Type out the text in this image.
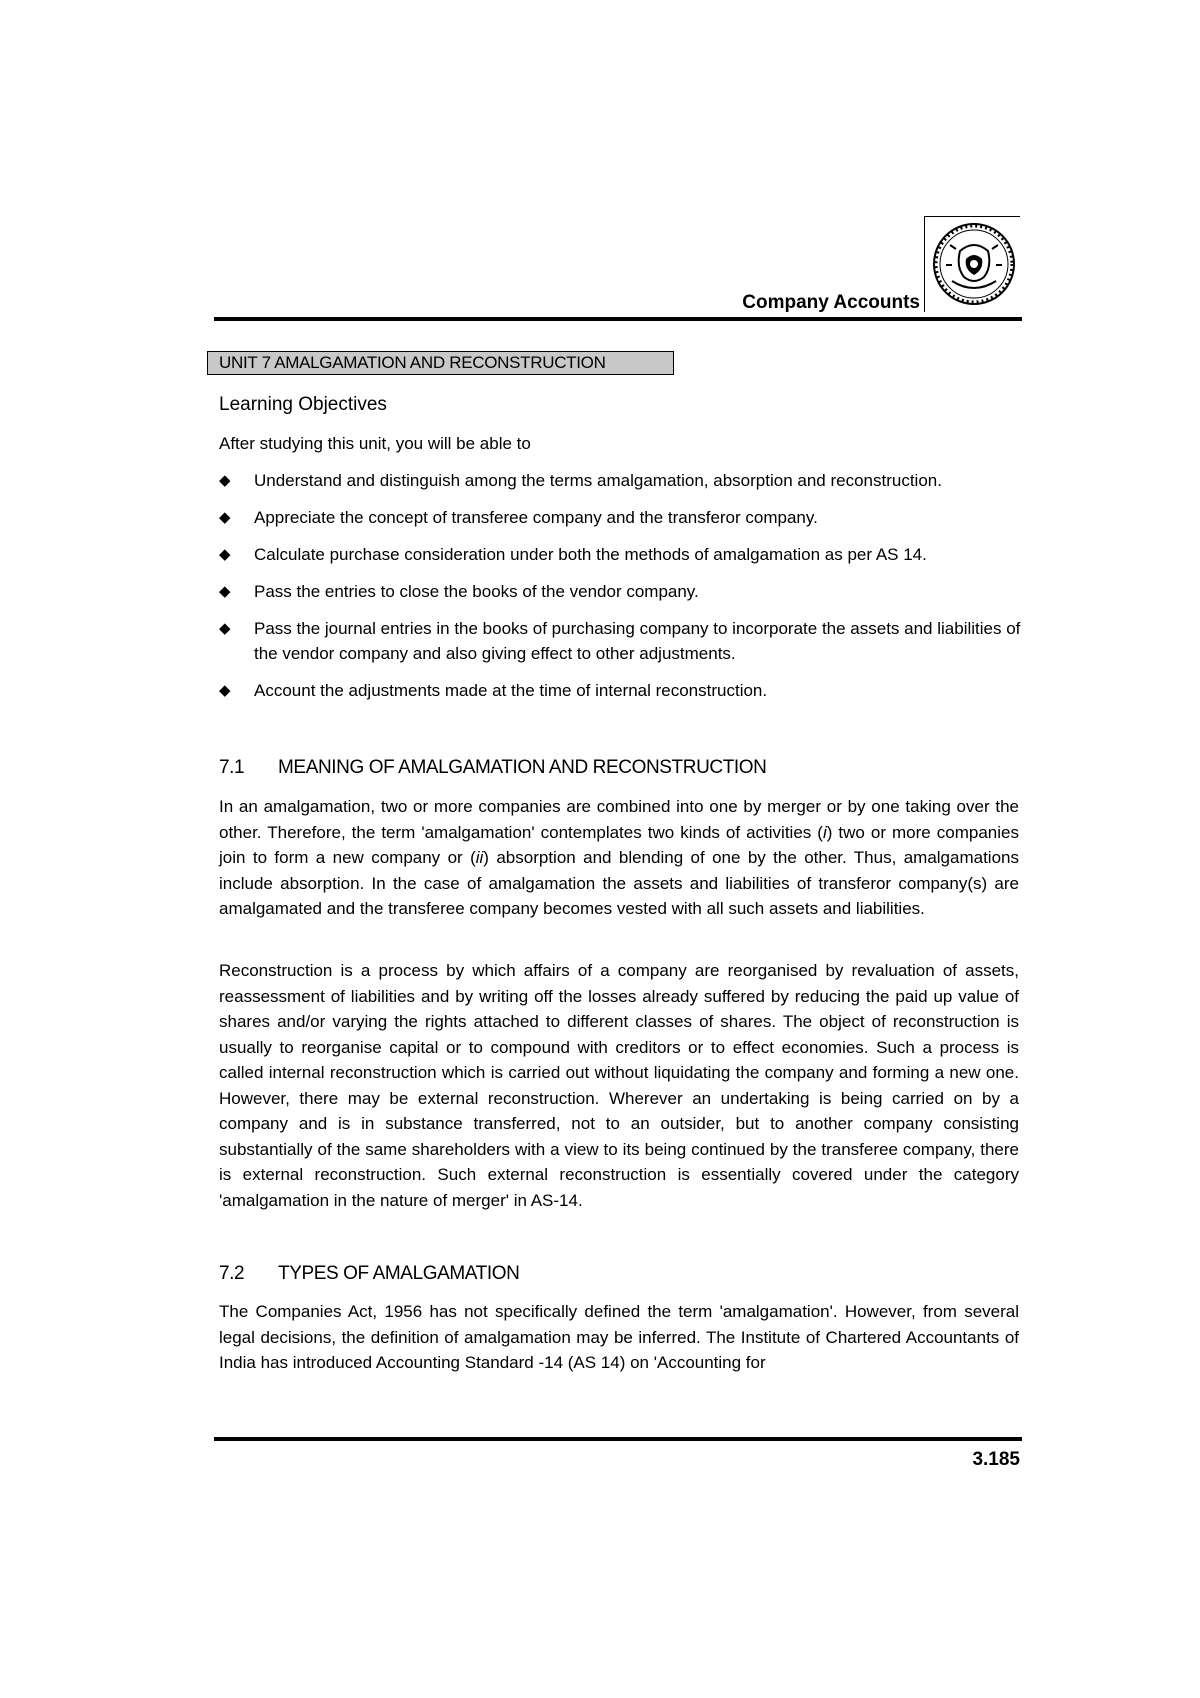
Company Accounts
UNIT 7 AMALGAMATION AND RECONSTRUCTION
Learning Objectives
After studying this unit, you will be able to
◆ Understand and distinguish among the terms amalgamation, absorption and reconstruction.
◆ Appreciate the concept of transferee company and the transferor company.
◆ Calculate purchase consideration under both the methods of amalgamation as per AS 14.
◆ Pass the entries to close the books of the vendor company.
◆ Pass the journal entries in the books of purchasing company to incorporate the assets and liabilities of the vendor company and also giving effect to other adjustments.
◆ Account the adjustments made at the time of internal reconstruction.
7.1 MEANING OF AMALGAMATION AND RECONSTRUCTION

In an amalgamation, two or more companies are combined into one by merger or by one taking over the other. Therefore, the term 'amalgamation' contemplates two kinds of activities (i) two or more companies join to form a new company or (ii) absorption and blending of one by the other. Thus, amalgamations include absorption. In the case of amalgamation the assets and liabilities of transferor company(s) are amalgamated and the transferee company becomes vested with all such assets and liabilities.

Reconstruction is a process by which affairs of a company are reorganised by revaluation of assets, reassessment of liabilities and by writing off the losses already suffered by reducing the paid up value of shares and/or varying the rights attached to different classes of shares. The object of reconstruction is usually to reorganise capital or to compound with creditors or to effect economies. Such a process is called internal reconstruction which is carried out without liquidating the company and forming a new one. However, there may be external reconstruction. Wherever an undertaking is being carried on by a company and is in substance transferred, not to an outsider, but to another company consisting substantially of the same shareholders with a view to its being continued by the transferee company, there is external reconstruction. Such external reconstruction is essentially covered under the category 'amalgamation in the nature of merger' in AS-14.

7.2 TYPES OF AMALGAMATION

The Companies Act, 1956 has not specifically defined the term 'amalgamation'. However, from several legal decisions, the definition of amalgamation may be inferred. The Institute of Chartered Accountants of India has introduced Accounting Standard -14 (AS 14) on 'Accounting for

3.185
